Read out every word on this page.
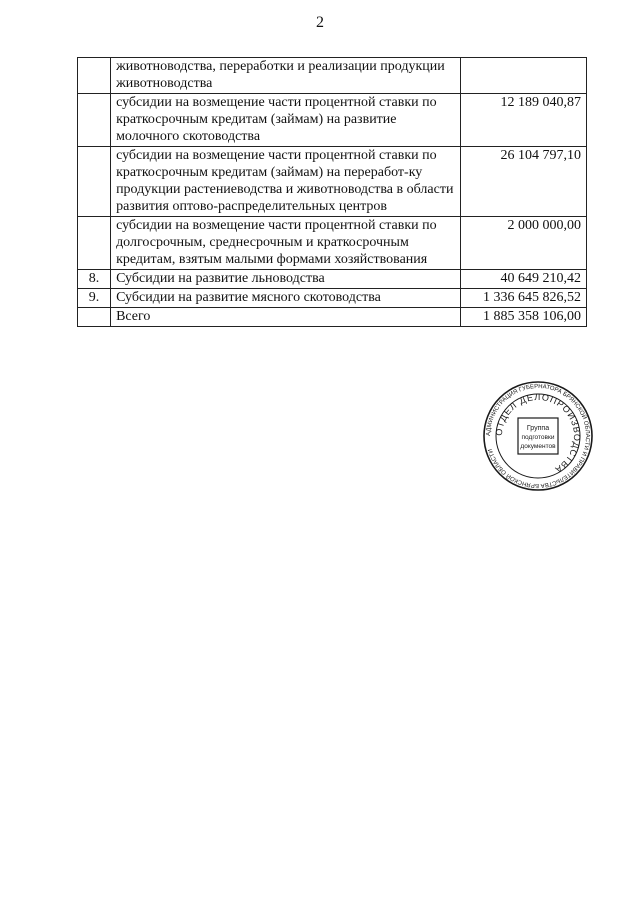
2
	животноводства, переработки и реализации продукции животноводства	
	субсидии на возмещение части процентной ставки по краткосрочным кредитам (займам) на развитие молочного скотоводства	12 189 040,87
	субсидии на возмещение части процентной ставки по краткосрочным кредитам (займам) на переработ-ку продукции растениеводства и животноводства в области развития оптово-распределительных центров	26 104 797,10
	субсидии на возмещение части процентной ставки по долгосрочным, среднесрочным и краткосрочным кредитам, взятым малыми формами хозяйствования	2 000 000,00
8.	Субсидии на развитие льноводства	40 649 210,42
9.	Субсидии на развитие мясного скотоводства	1 336 645 826,52
	Всего	1 885 358 106,00
АДМИНИСТРАЦИЯ ГУБЕРНАТОРА БРЯНСКОЙ ОБЛАСТИ И ПРАВИТЕЛЬСТВА БРЯНСКОЙ ОБЛАСТИ
ОТДЕЛ ДЕЛОПРОИЗВОДСТВА
Группа
подготовки
документов
